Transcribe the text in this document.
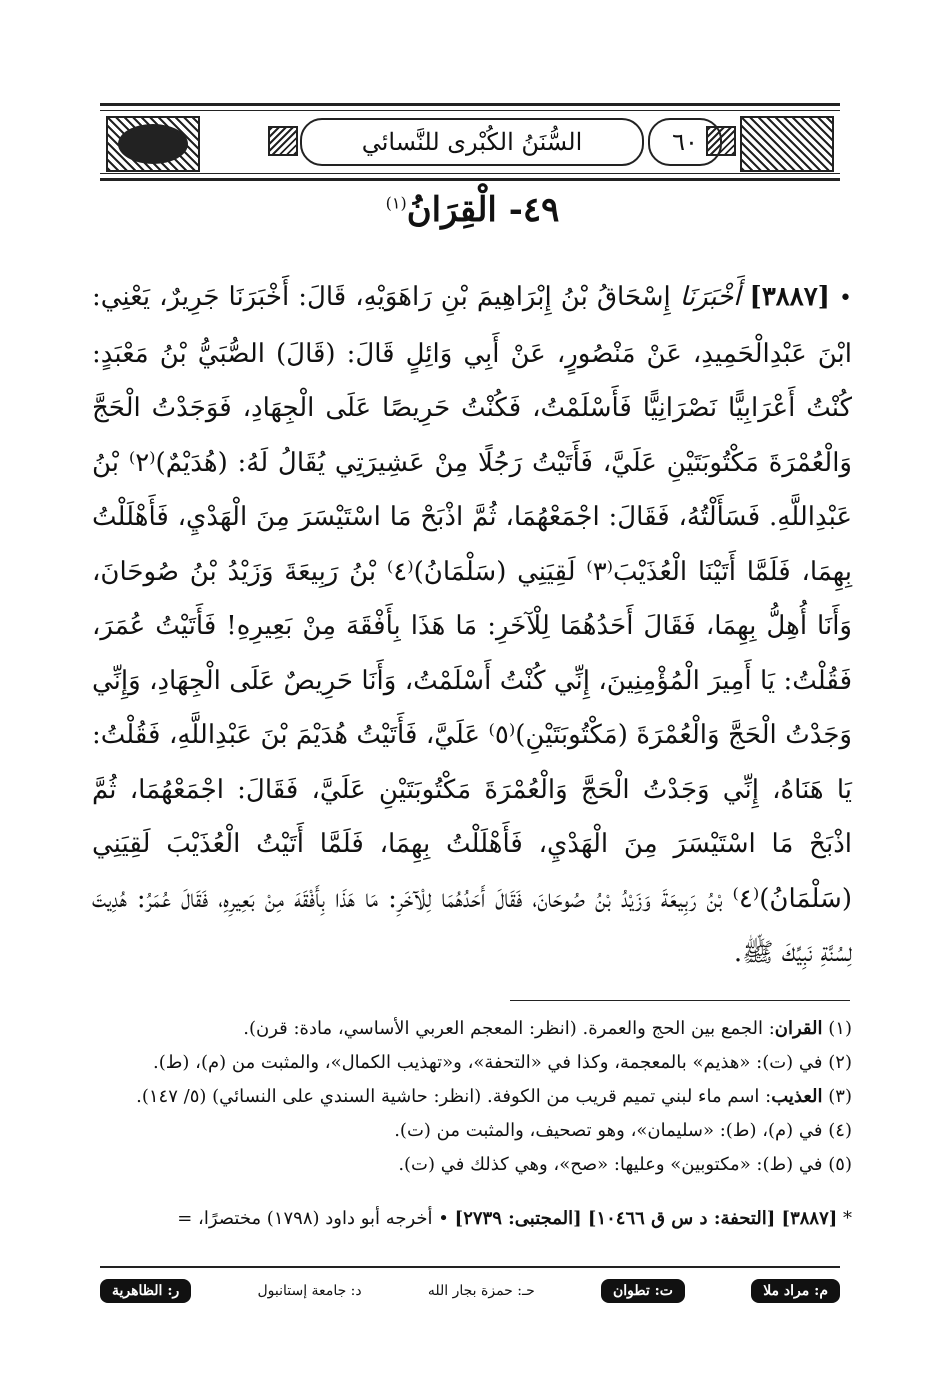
٦٠
السُّنَنُ الكُبْرى للنَّسائي
٤٩- الْقِرَانُ$^{(١)}$

• [٣٨٨٧] أَخْبَرَنَا إِسْحَاقُ بْنُ إِبْرَاهِيمَ بْنِ رَاهَوَيْهِ، قَالَ: أَخْبَرَنَا جَرِيرٌ، يَعْنِي: ابْنَ عَبْدِالْحَمِيدِ، عَنْ مَنْصُورٍ، عَنْ أَبِي وَائِلٍ قَالَ: (قَالَ) الصُّبَيُّ بْنُ مَعْبَدٍ: كُنْتُ أَعْرَابِيًّا نَصْرَانِيًّا فَأَسْلَمْتُ، فَكُنْتُ حَرِيصًا عَلَى الْجِهَادِ، فَوَجَدْتُ الْحَجَّ وَالْعُمْرَةَ مَكْتُوبَتَيْنِ عَلَيَّ، فَأَتَيْتُ رَجُلًا مِنْ عَشِيرَتِي يُقَالُ لَهُ: (هُدَيْمٌ)⁽٢⁾ بْنُ عَبْدِاللَّهِ. فَسَأَلْتُهُ، فَقَالَ: اجْمَعْهُمَا، ثُمَّ اذْبَحْ مَا اسْتَيْسَرَ مِنَ الْهَدْيِ، فَأَهْلَلْتُ بِهِمَا، فَلَمَّا أَتَيْنَا الْعُذَيْبَ⁽٣⁾ لَقِيَنِي (سَلْمَانُ)⁽٤⁾ بْنُ رَبِيعَةَ وَزَيْدُ بْنُ صُوحَانَ، وَأَنَا أُهِلُّ بِهِمَا، فَقَالَ أَحَدُهُمَا لِلْآخَرِ: مَا هَذَا بِأَفْقَهَ مِنْ بَعِيرِهِ! فَأَتَيْتُ عُمَرَ، فَقُلْتُ: يَا أَمِيرَ الْمُؤْمِنِينَ، إِنِّي كُنْتُ أَسْلَمْتُ، وَأَنَا حَرِيصٌ عَلَى الْجِهَادِ، وَإِنِّي وَجَدْتُ الْحَجَّ وَالْعُمْرَةَ (مَكْتُوبَتَيْنِ)⁽٥⁾ عَلَيَّ، فَأَتَيْتُ هُدَيْمَ بْنَ عَبْدِاللَّهِ، فَقُلْتُ: يَا هَنَاهُ، إِنِّي وَجَدْتُ الْحَجَّ وَالْعُمْرَةَ مَكْتُوبَتَيْنِ عَلَيَّ، فَقَالَ: اجْمَعْهُمَا، ثُمَّ اذْبَحْ مَا اسْتَيْسَرَ مِنَ الْهَدْيِ، فَأَهْلَلْتُ بِهِمَا، فَلَمَّا أَتَيْتُ الْعُذَيْبَ لَقِيَنِي (سَلْمَانُ)⁽٤⁾ بْنُ رَبِيعَةَ وَزَيْدُ بْنُ صُوحَانَ، فَقَالَ أَحَدُهُمَا لِلْآخَرِ: مَا هَذَا بِأَفْقَهَ مِنْ بَعِيرِهِ، فَقَالَ عُمَرُ: هُدِيتَ لِسُنَّةِ نَبِيِّكَ ﷺ.

(١) القران: الجمع بين الحج والعمرة. (انظر: المعجم العربي الأساسي، مادة: قرن).

(٢) في (ت): «هذيم» بالمعجمة، وكذا في «التحفة»، و«تهذيب الكمال»، والمثبت من (م)، (ط).

(٣) العذيب: اسم ماء لبني تميم قريب من الكوفة. (انظر: حاشية السندي على النسائي) (٥/ ١٤٧).

(٤) في (م)، (ط): «سليمان»، وهو تصحيف، والمثبت من (ت).

(٥) في (ط): «مكتوبين» وعليها: «صح»، وهي كذلك في (ت).

* [٣٨٨٧] [التحفة: د س ق ١٠٤٦٦] [المجتبى: ٢٧٣٩] • أخرجه أبو داود (١٧٩٨) مختصرًا، =
م: مراد ملا
ت: تطوان
حـ: حمزة بجار الله
د: جامعة إستانبول
ر: الظاهرية
